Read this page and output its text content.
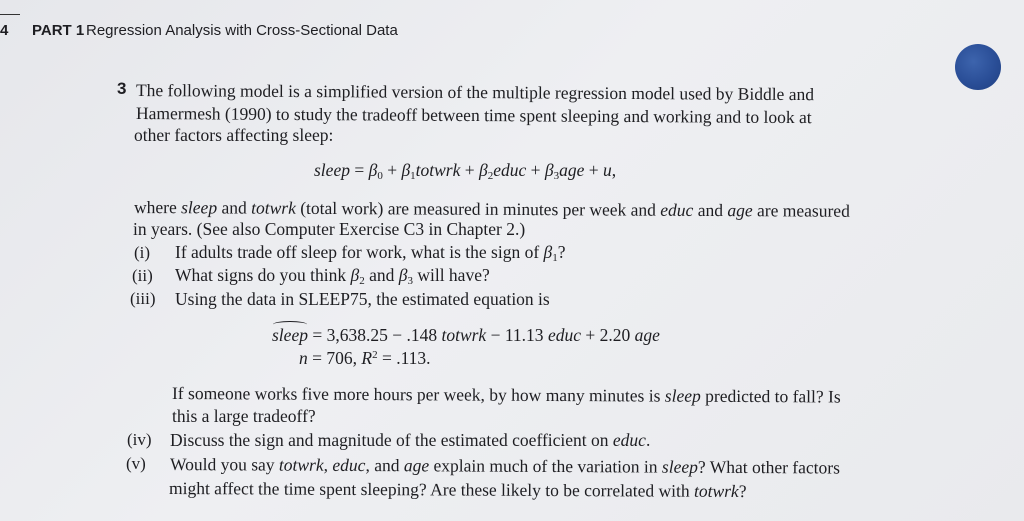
4 PART 1 Regression Analysis with Cross-Sectional Data
3 The following model is a simplified version of the multiple regression model used by Biddle and
Hamermesh (1990) to study the tradeoff between time spent sleeping and working and to look at
other factors affecting sleep:
sleep = $\beta_0$ + $\beta_1totwrk$ + $\beta_2educ + \beta_3age + u$,
where sleep and totwrk (total work) are measured in minutes per week and educ and age are measured
in years. (See also Computer Exercise C3 in Chapter 2.)
(i) If adults trade off sleep for work, what is the sign of $\beta_1$?
(ii) What signs do you think $\beta_2$ and $\beta_3$ will have?
(iii) Using the data in SLEEP75, the estimated equation is
sleep = 3,638.25 − .148 totwrk − 11.13 educ + 2.20 age
n = 706, $R^2 = .113$.
If someone works five more hours per week, by how many minutes is sleep predicted to fall? Is
this a large tradeoff?
(iv) Discuss the sign and magnitude of the estimated coefficient on educ.
(v) Would you say totwrk, educ, and age explain much of the variation in sleep? What other factors
might affect the time spent sleeping? Are these likely to be correlated with totwrk?
